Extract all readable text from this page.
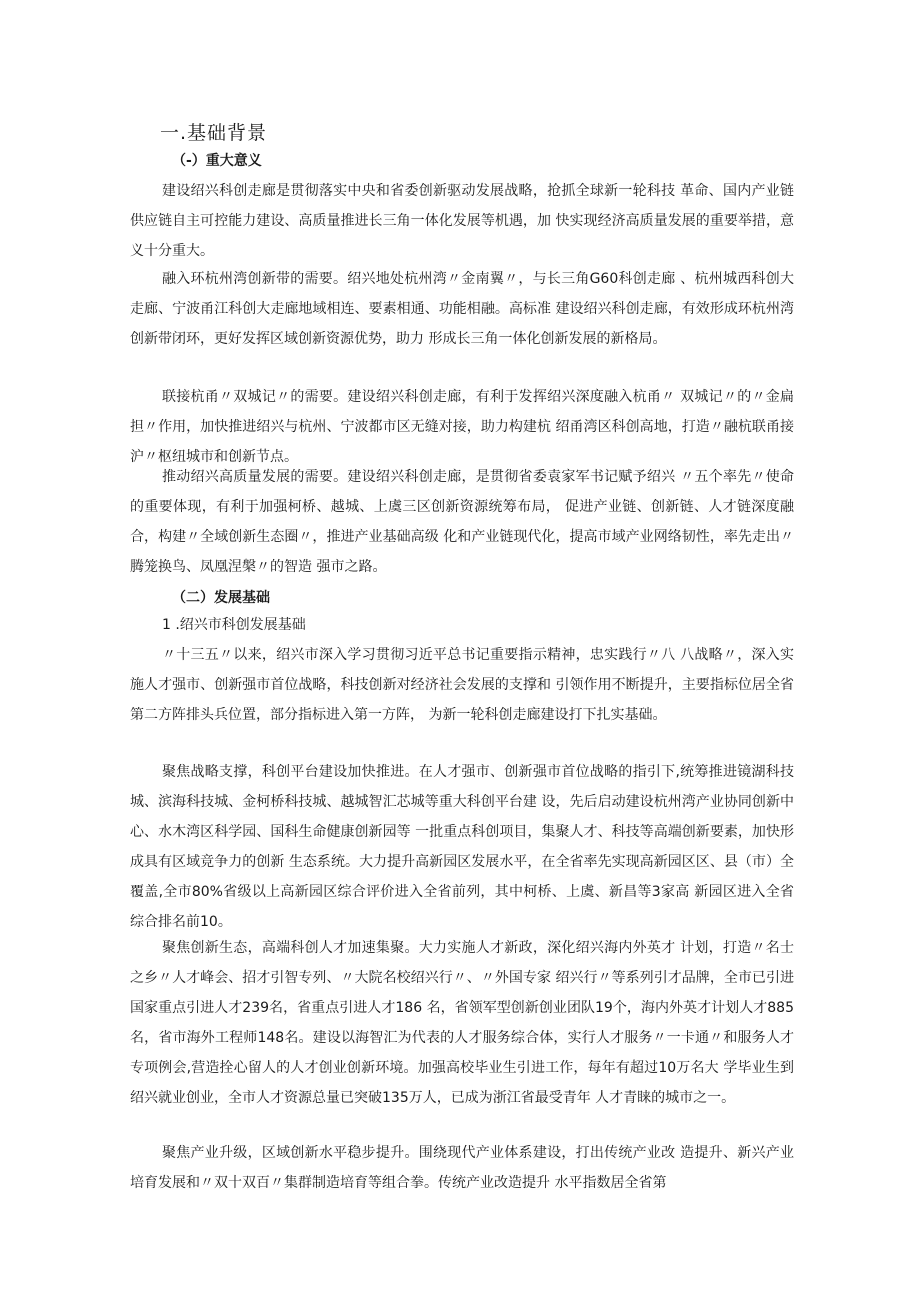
一.基础背景
（-）重大意义

建设绍兴科创走廊是贯彻落实中央和省委创新驱动发展战略，抢抓全球新一轮科技 革命、国内产业链供应链自主可控能力建设、高质量推进长三角一体化发展等机遇，加 快实现经济高质量发展的重要举措，意义十分重大。

融入环杭州湾创新带的需要。绍兴地处杭州湾〃金南翼〃，与长三角G60科创走廊 、杭州城西科创大走廊、宁波甬江科创大走廊地域相连、要素相通、功能相融。高标准 建设绍兴科创走廊，有效形成环杭州湾创新带闭环，更好发挥区域创新资源优势，助力 形成长三角一体化创新发展的新格局。

联接杭甬〃双城记〃的需要。建设绍兴科创走廊，有利于发挥绍兴深度融入杭甬〃 双城记〃的〃金扁担〃作用，加快推进绍兴与杭州、宁波都市区无缝对接，助力构建杭 绍甬湾区科创高地，打造〃融杭联甬接沪〃枢纽城市和创新节点。

推动绍兴高质量发展的需要。建设绍兴科创走廊，是贯彻省委袁家军书记赋予绍兴 〃五个率先〃使命的重要体现，有利于加强柯桥、越城、上虞三区创新资源统筹布局， 促进产业链、创新链、人才链深度融合，构建〃全域创新生态圈〃，推进产业基础高级 化和产业链现代化，提高市域产业网络韧性，率先走出〃腾笼换鸟、凤凰涅槃〃的智造 强市之路。

（二）发展基础
1 .绍兴市科创发展基础

〃十三五〃以来，绍兴市深入学习贯彻习近平总书记重要指示精神，忠实践行〃八 八战略〃，深入实施人才强市、创新强市首位战略，科技创新对经济社会发展的支撑和 引领作用不断提升，主要指标位居全省第二方阵排头兵位置，部分指标进入第一方阵， 为新一轮科创走廊建设打下扎实基础。

聚焦战略支撑，科创平台建设加快推进。在人才强市、创新强市首位战略的指引下,统筹推进镜湖科技城、滨海科技城、金柯桥科技城、越城智汇芯城等重大科创平台建 设，先后启动建设杭州湾产业协同创新中心、水木湾区科学园、国科生命健康创新园等 一批重点科创项目，集聚人才、科技等高端创新要素，加快形成具有区域竞争力的创新 生态系统。大力提升高新园区发展水平，在全省率先实现高新园区区、县（市）全覆盖,全市80%省级以上高新园区综合评价进入全省前列，其中柯桥、上虞、新昌等3家高 新园区进入全省综合排名前10。

聚焦创新生态，高端科创人才加速集聚。大力实施人才新政，深化绍兴海内外英才 计划，打造〃名士之乡〃人才峰会、招才引智专列、〃大院名校绍兴行〃、〃外国专家 绍兴行〃等系列引才品牌，全市已引进国家重点引进人才239名，省重点引进人才186 名，省领军型创新创业团队19个，海内外英才计划人才885名，省市海外工程师148名。建设以海智汇为代表的人才服务综合体，实行人才服务〃一卡通〃和服务人才专项例会,营造拴心留人的人才创业创新环境。加强高校毕业生引进工作，每年有超过10万名大 学毕业生到绍兴就业创业，全市人才资源总量已突破135万人，已成为浙江省最受青年 人才青睐的城市之一。

聚焦产业升级，区域创新水平稳步提升。围绕现代产业体系建设，打出传统产业改 造提升、新兴产业培育发展和〃双十双百〃集群制造培育等组合拳。传统产业改造提升 水平指数居全省第
